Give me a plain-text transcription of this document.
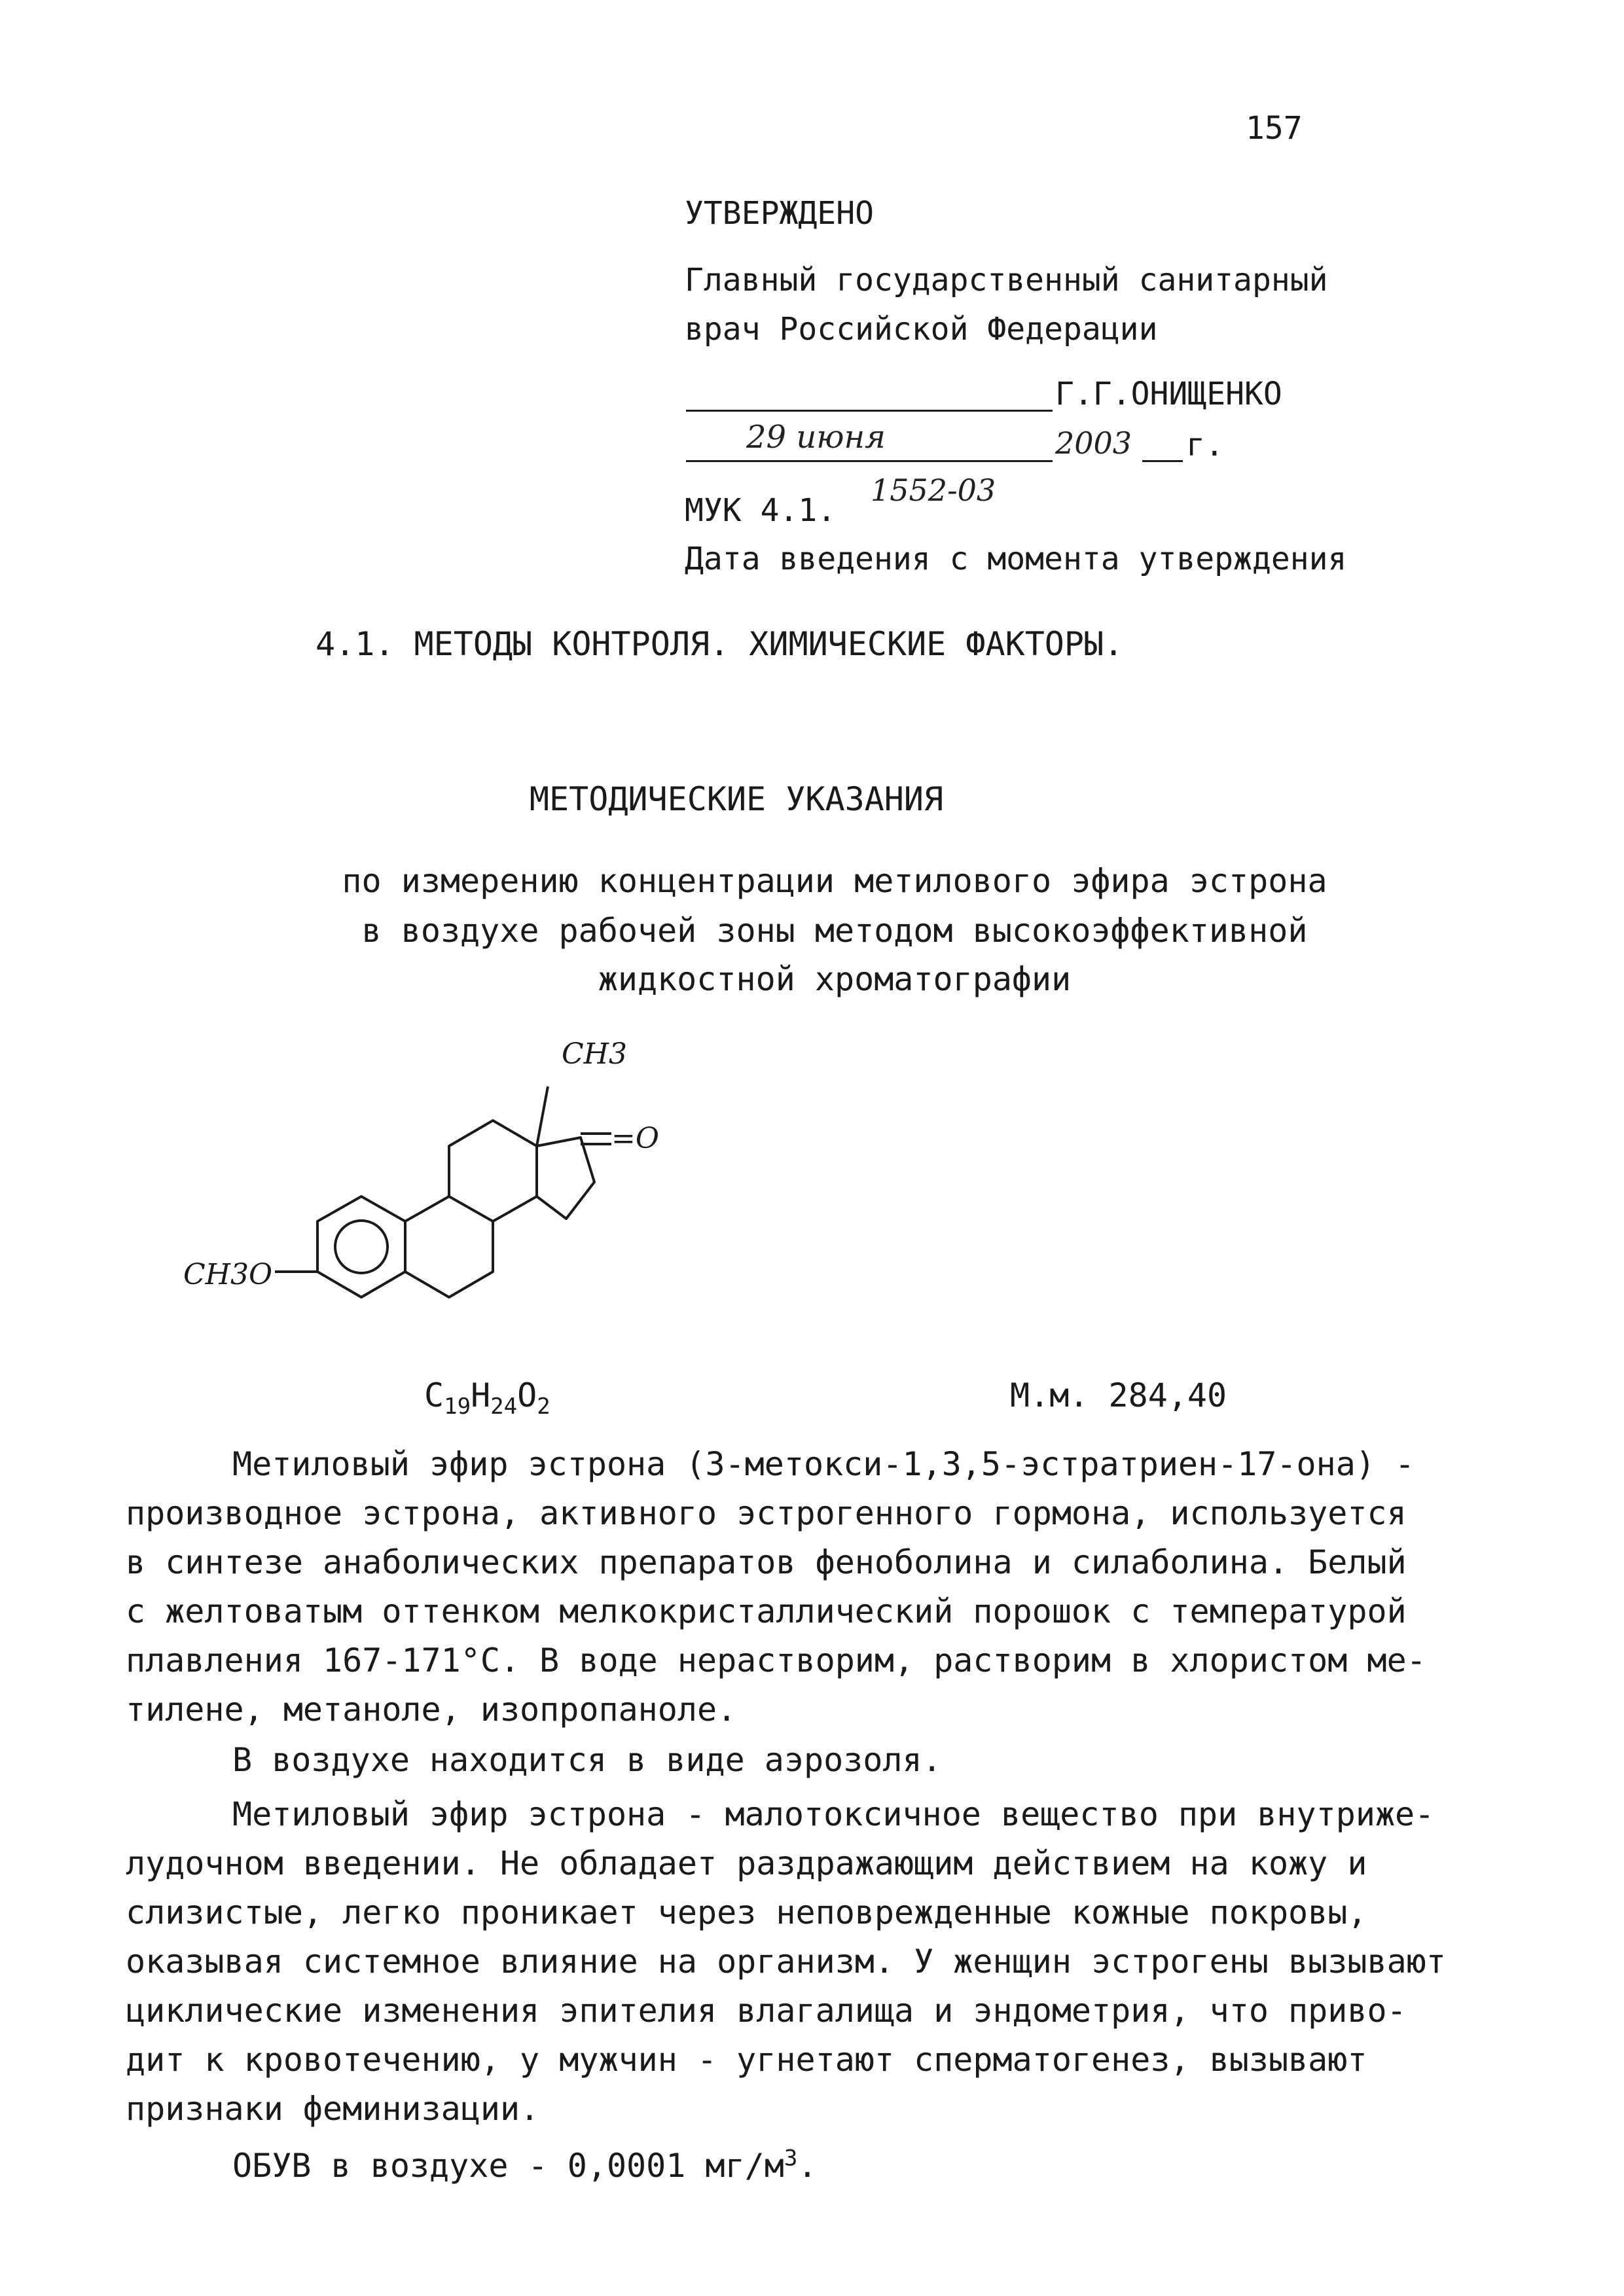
157
УТВЕРЖДЕНО
Главный государственный санитарный
врач Российской Федерации
Г.Г.ОНИЩЕНКО
29 июня	2003 г.
МУК 4.1.
1552-03
Дата введения с момента утверждения
4.1. МЕТОДЫ КОНТРОЛЯ. ХИМИЧЕСКИЕ ФАКТОРЫ.
МЕТОДИЧЕСКИЕ УКАЗАНИЯ
по измерению концентрации метилового эфира эстрона
в воздухе рабочей зоны методом высокоэффективной
жидкостной хроматографии
CH3
CH3O
=O
$C_{19}H_{24}O_2$	М.м. 284,40
Метиловый эфир эстрона (3-метокси-1,3,5-эстратриен-17-она) -
производное эстрона, активного эстрогенного гормона, используется
в синтезе анаболических препаратов феноболина и силаболина. Белый
с желтоватым оттенком мелкокристаллический порошок с температурой
плавления 167-171°С. В воде нерастворим, растворим в хлористом ме-
тилене, метаноле, изопропаноле.
В воздухе находится в виде аэрозоля.
Метиловый эфир эстрона - малотоксичное вещество при внутриже-
лудочном введении. Не обладает раздражающим действием на кожу и
слизистые, легко проникает через неповрежденные кожные покровы,
оказывая системное влияние на организм. У женщин эстрогены вызывают
циклические изменения эпителия влагалища и эндометрия, что приво-
дит к кровотечению, у мужчин - угнетают сперматогенез, вызывают
признаки феминизации.
ОБУВ в воздухе - 0,0001 $мг/м^3$.
